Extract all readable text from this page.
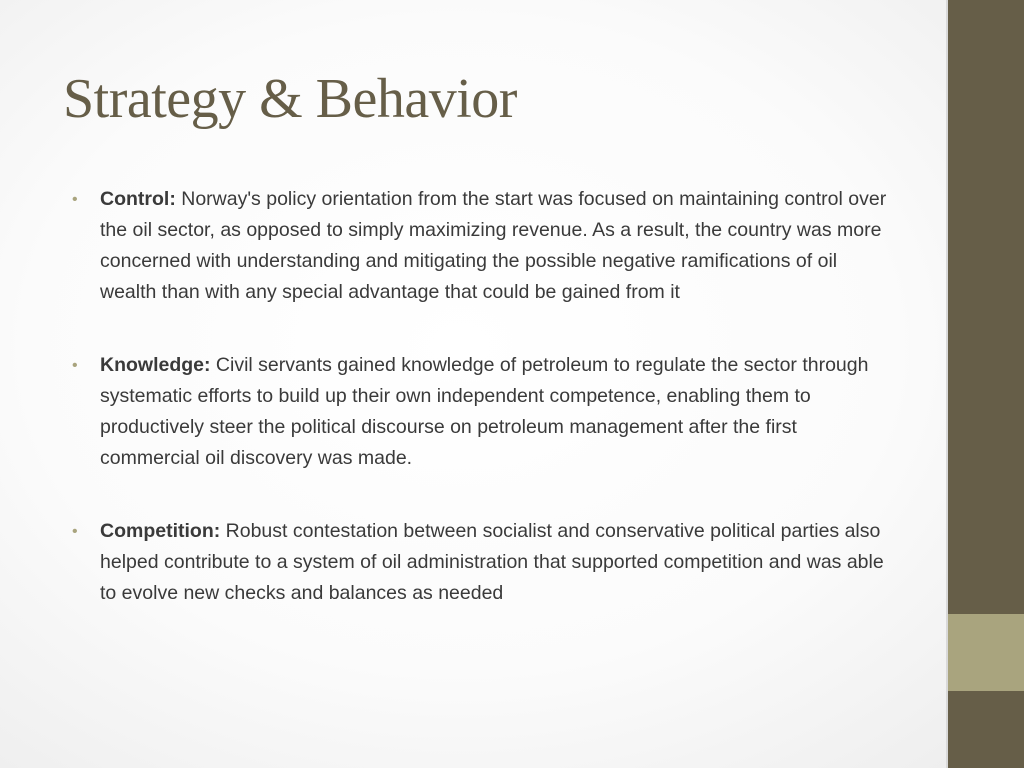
Strategy & Behavior
• Control: Norway's policy orientation from the start was focused on maintaining control over the oil sector, as opposed to simply maximizing revenue. As a result, the country was more concerned with understanding and mitigating the possible negative ramifications of oil wealth than with any special advantage that could be gained from it
• Knowledge: Civil servants gained knowledge of petroleum to regulate the sector through systematic efforts to build up their own independent competence, enabling them to productively steer the political discourse on petroleum management after the first commercial oil discovery was made.
• Competition: Robust contestation between socialist and conservative political parties also helped contribute to a system of oil administration that supported competition and was able to evolve new checks and balances as needed
